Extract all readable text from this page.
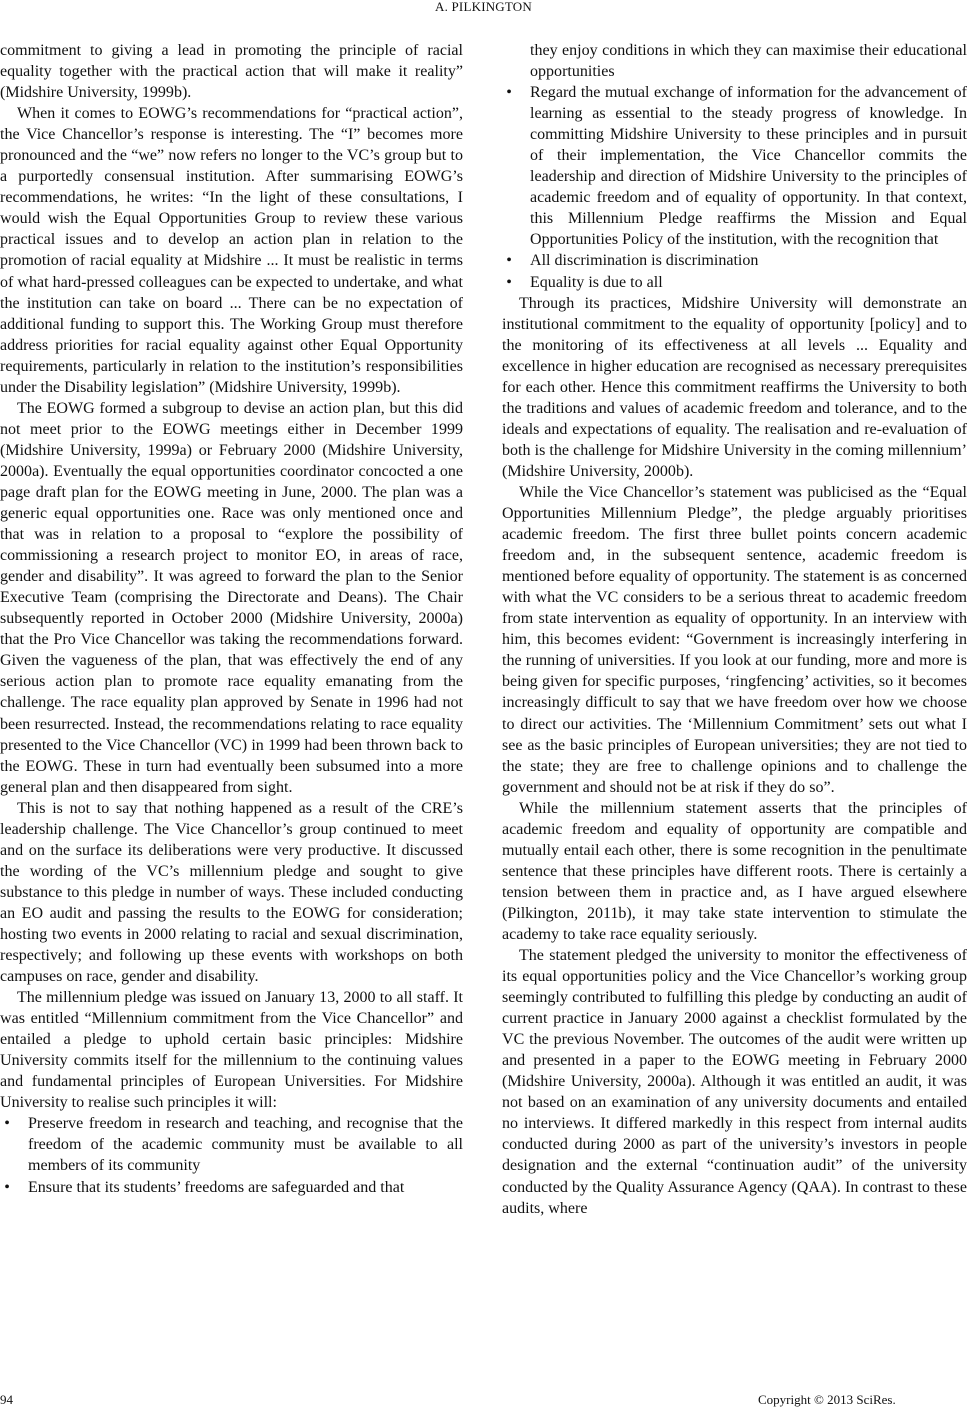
A. PILKINGTON

commitment to giving a lead in promoting the principle of racial equality together with the practical action that will make it reality” (Midshire University, 1999b).

When it comes to EOWG’s recommendations for “practical action”, the Vice Chancellor’s response is interesting. The “I” becomes more pronounced and the “we” now refers no longer to the VC’s group but to a purportedly consensual institution. After summarising EOWG’s recommendations, he writes: “In the light of these consultations, I would wish the Equal Opportunities Group to review these various practical issues and to develop an action plan in relation to the promotion of racial equality at Midshire ... It must be realistic in terms of what hard-pressed colleagues can be expected to undertake, and what the institution can take on board ... There can be no expectation of additional funding to support this. The Working Group must therefore address priorities for racial equality against other Equal Opportunity requirements, particularly in relation to the institution’s responsibilities under the Disability legislation” (Midshire University, 1999b).

The EOWG formed a subgroup to devise an action plan, but this did not meet prior to the EOWG meetings either in December 1999 (Midshire University, 1999a) or February 2000 (Midshire University, 2000a). Eventually the equal opportunities coordinator concocted a one page draft plan for the EOWG meeting in June, 2000. The plan was a generic equal opportunities one. Race was only mentioned once and that was in relation to a proposal to “explore the possibility of commissioning a research project to monitor EO, in areas of race, gender and disability”. It was agreed to forward the plan to the Senior Executive Team (comprising the Directorate and Deans). The Chair subsequently reported in October 2000 (Midshire University, 2000a) that the Pro Vice Chancellor was taking the recommendations forward. Given the vagueness of the plan, that was effectively the end of any serious action plan to promote race equality emanating from the challenge. The race equality plan approved by Senate in 1996 had not been resurrected. Instead, the recommendations relating to race equality presented to the Vice Chancellor (VC) in 1999 had been thrown back to the EOWG. These in turn had eventually been subsumed into a more general plan and then disappeared from sight.

This is not to say that nothing happened as a result of the CRE’s leadership challenge. The Vice Chancellor’s group continued to meet and on the surface its deliberations were very productive. It discussed the wording of the VC’s millennium pledge and sought to give substance to this pledge in number of ways. These included conducting an EO audit and passing the results to the EOWG for consideration; hosting two events in 2000 relating to racial and sexual discrimination, respectively; and following up these events with workshops on both campuses on race, gender and disability.

The millennium pledge was issued on January 13, 2000 to all staff. It was entitled “Millennium commitment from the Vice Chancellor” and entailed a pledge to uphold certain basic principles: Midshire University commits itself for the millennium to the continuing values and fundamental principles of European Universities. For Midshire University to realise such principles it will:

• Preserve freedom in research and teaching, and recognise that the freedom of the academic community must be available to all members of its community
• Ensure that its students’ freedoms are safeguarded and that
they enjoy conditions in which they can maximise their educational opportunities
• Regard the mutual exchange of information for the advancement of learning as essential to the steady progress of knowledge. In committing Midshire University to these principles and in pursuit of their implementation, the Vice Chancellor commits the leadership and direction of Midshire University to the principles of academic freedom and of equality of opportunity. In that context, this Millennium Pledge reaffirms the Mission and Equal Opportunities Policy of the institution, with the recognition that
• All discrimination is discrimination
• Equality is due to all

Through its practices, Midshire University will demonstrate an institutional commitment to the equality of opportunity [policy] and to the monitoring of its effectiveness at all levels ... Equality and excellence in higher education are recognised as necessary prerequisites for each other. Hence this commitment reaffirms the University to both the traditions and values of academic freedom and tolerance, and to the ideals and expectations of equality. The realisation and re-evaluation of both is the challenge for Midshire University in the coming millennium’ (Midshire University, 2000b).

While the Vice Chancellor’s statement was publicised as the “Equal Opportunities Millennium Pledge”, the pledge arguably prioritises academic freedom. The first three bullet points concern academic freedom and, in the subsequent sentence, academic freedom is mentioned before equality of opportunity. The statement is as concerned with what the VC considers to be a serious threat to academic freedom from state intervention as equality of opportunity. In an interview with him, this becomes evident: “Government is increasingly interfering in the running of universities. If you look at our funding, more and more is being given for specific purposes, ‘ringfencing’ activities, so it becomes increasingly difficult to say that we have freedom over how we choose to direct our activities. The ‘Millennium Commitment’ sets out what I see as the basic principles of European universities; they are not tied to the state; they are free to challenge opinions and to challenge the government and should not be at risk if they do so”.

While the millennium statement asserts that the principles of academic freedom and equality of opportunity are compatible and mutually entail each other, there is some recognition in the penultimate sentence that these principles have different roots. There is certainly a tension between them in practice and, as I have argued elsewhere (Pilkington, 2011b), it may take state intervention to stimulate the academy to take race equality seriously.

The statement pledged the university to monitor the effectiveness of its equal opportunities policy and the Vice Chancellor’s working group seemingly contributed to fulfilling this pledge by conducting an audit of current practice in January 2000 against a checklist formulated by the VC the previous November. The outcomes of the audit were written up and presented in a paper to the EOWG meeting in February 2000 (Midshire University, 2000a). Although it was entitled an audit, it was not based on an examination of any university documents and entailed no interviews. It differed markedly in this respect from internal audits conducted during 2000 as part of the university’s investors in people designation and the external “continuation audit” of the university conducted by the Quality Assurance Agency (QAA). In contrast to these audits, where

94	Copyright © 2013 SciRes.
